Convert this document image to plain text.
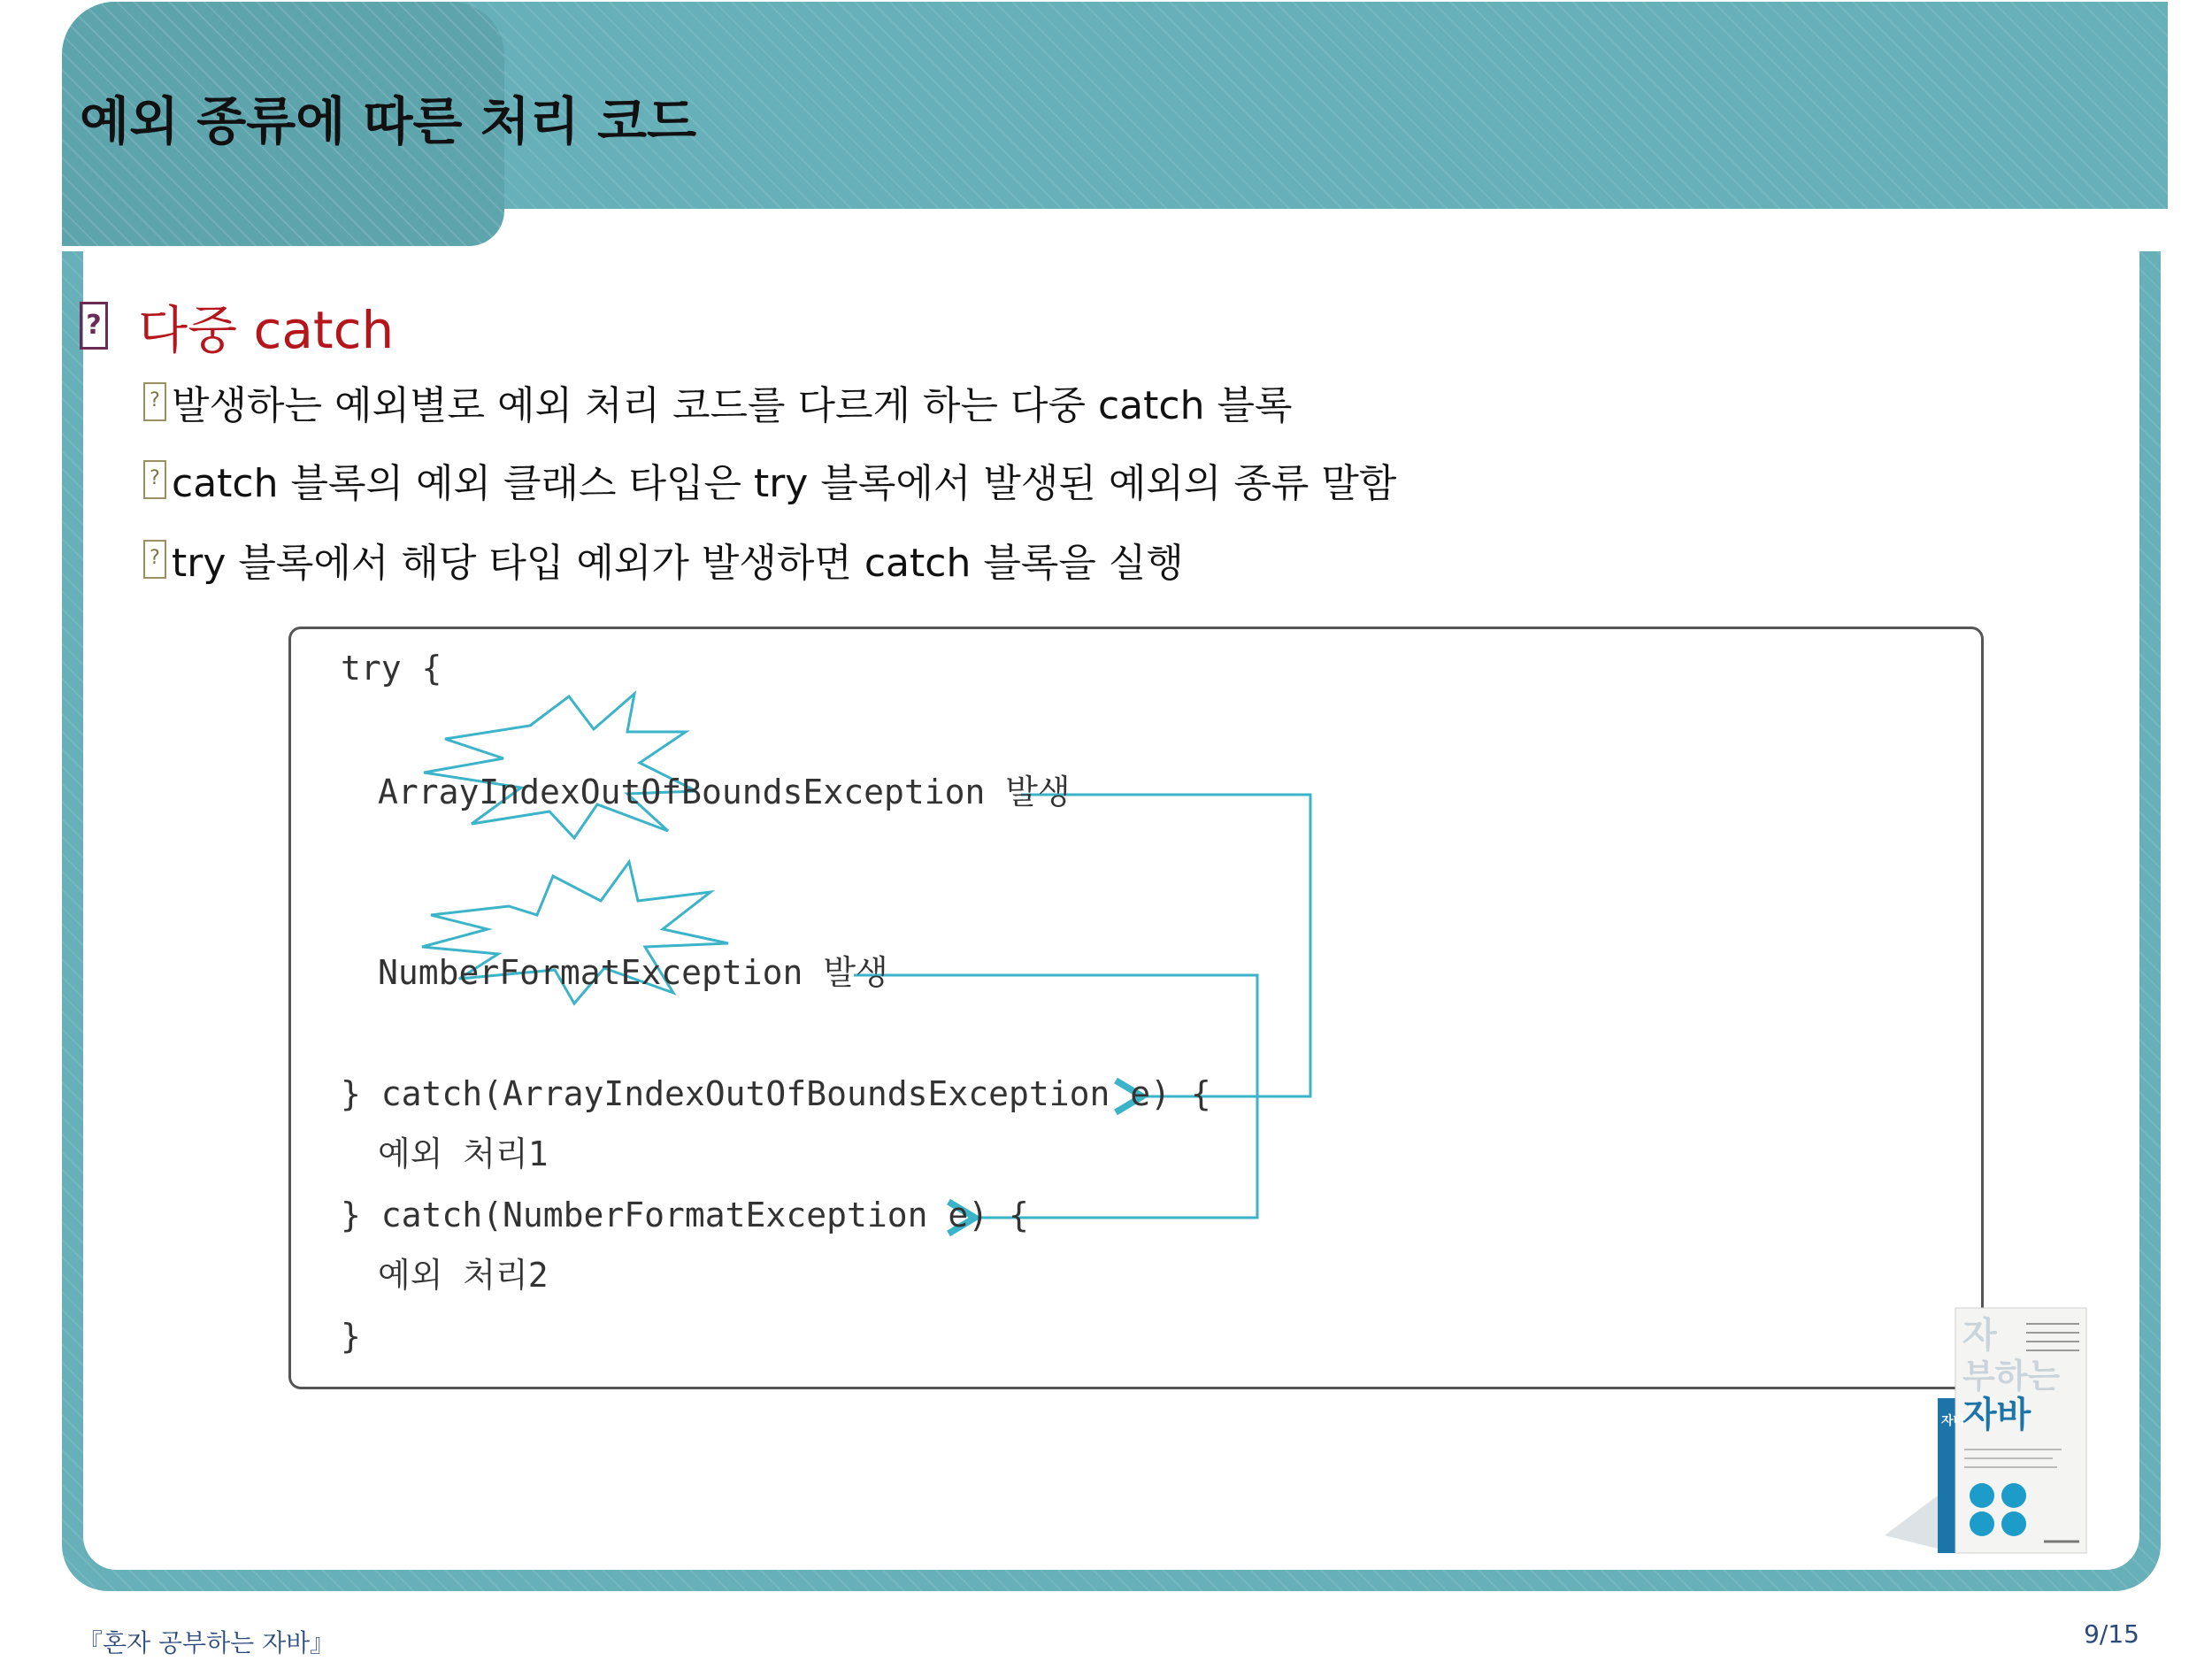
예외 종류에 따른 처리 코드
? 다중 catch
? 발생하는 예외별로 예외 처리 코드를 다르게 하는 다중 catch 블록
? catch 블록의 예외 클래스 타입은 try 블록에서 발생된 예외의 종류 말함
? try 블록에서 해당 타입 예외가 발생하면 catch 블록을 실행
try {
ArrayIndexOutOfBoundsException 발생
NumberFormatException 발생
} catch(ArrayIndexOutOfBoundsException e) {
예외 처리1
} catch(NumberFormatException e) {
예외 처리2
}	자
부하는
자바
자바
『혼자 공부하는 자바』	9/15
